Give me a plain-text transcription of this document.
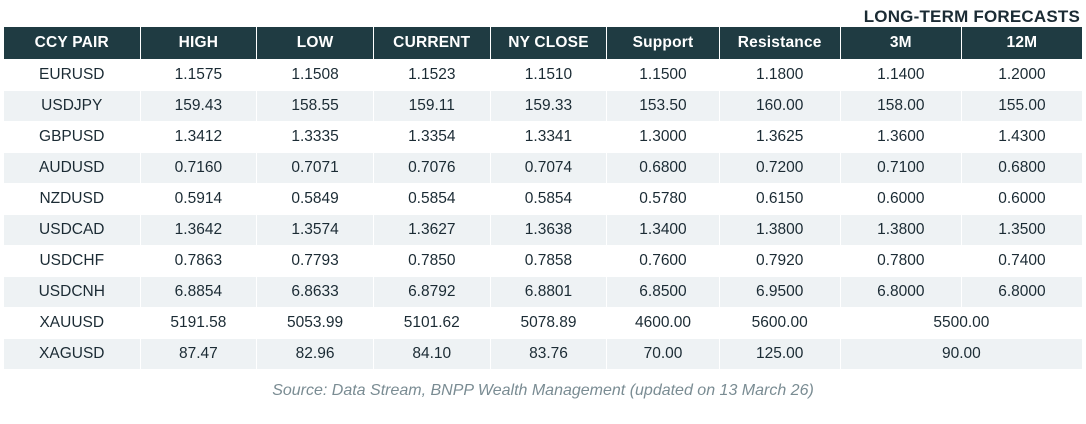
LONG-TERM FORECASTS
CCY PAIR	HIGH	LOW	CURRENT	NY CLOSE	Support	Resistance	3M	12M
EURUSD	1.1575	1.1508	1.1523	1.1510	1.1500	1.1800	1.1400	1.2000
USDJPY	159.43	158.55	159.11	159.33	153.50	160.00	158.00	155.00
GBPUSD	1.3412	1.3335	1.3354	1.3341	1.3000	1.3625	1.3600	1.4300
AUDUSD	0.7160	0.7071	0.7076	0.7074	0.6800	0.7200	0.7100	0.6800
NZDUSD	0.5914	0.5849	0.5854	0.5854	0.5780	0.6150	0.6000	0.6000
USDCAD	1.3642	1.3574	1.3627	1.3638	1.3400	1.3800	1.3800	1.3500
USDCHF	0.7863	0.7793	0.7850	0.7858	0.7600	0.7920	0.7800	0.7400
USDCNH	6.8854	6.8633	6.8792	6.8801	6.8500	6.9500	6.8000	6.8000
XAUUSD	5191.58	5053.99	5101.62	5078.89	4600.00	5600.00	5500.00	
XAGUSD	87.47	82.96	84.10	83.76	70.00	125.00	90.00	
Source: Data Stream, BNPP Wealth Management (updated on 13 March 26)
